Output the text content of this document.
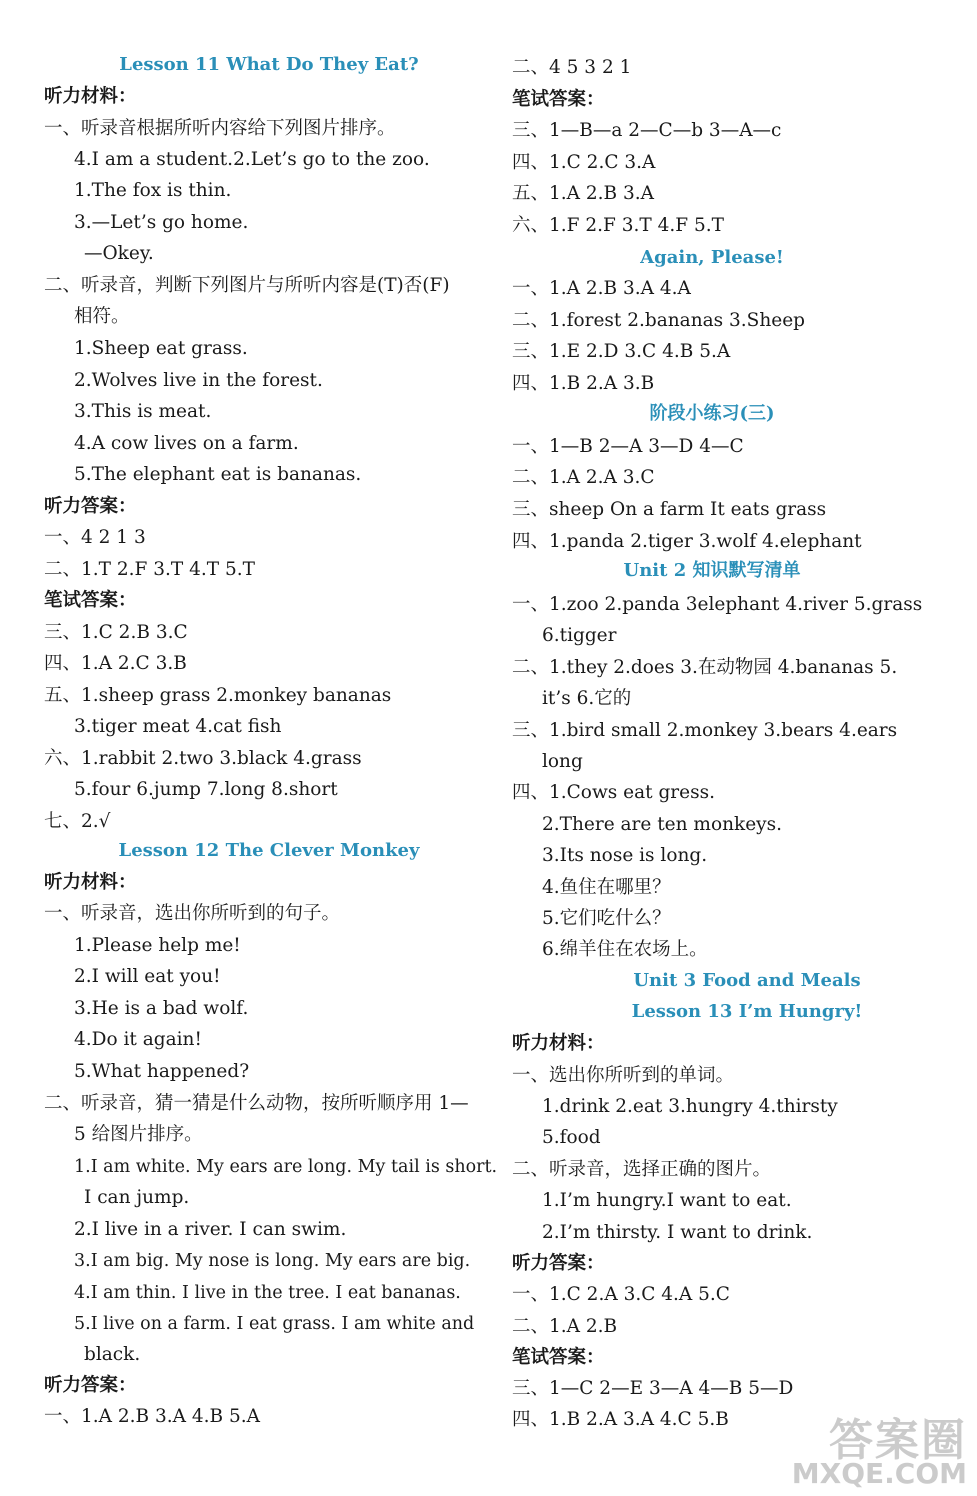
Lesson 11 What Do They Eat?
听力材料：
一、听录音根据所听内容给下列图片排序。
4.I am a student.2.Let’s go to the zoo.
1.The fox is thin.
3.—Let’s go home.
—Okey.
二、听录音，判断下列图片与所听内容是(T)否(F)
相符。
1.Sheep eat grass.
2.Wolves live in the forest.
3.This is meat.
4.A cow lives on a farm.
5.The elephant eat is bananas.
听力答案：
一、4 2 1 3
二、1.T 2.F 3.T 4.T 5.T
笔试答案：
三、1.C 2.B 3.C
四、1.A 2.C 3.B
五、1.sheep grass 2.monkey bananas
3.tiger meat 4.cat fish
六、1.rabbit 2.two 3.black 4.grass
5.four 6.jump 7.long 8.short
七、2.√
Lesson 12 The Clever Monkey
听力材料：
一、听录音，选出你所听到的句子。
1.Please help me!
2.I will eat you!
3.He is a bad wolf.
4.Do it again!
5.What happened?
二、听录音，猜一猜是什么动物，按所听顺序用 1—
5 给图片排序。
1.I am white. My ears are long. My tail is short.
I can jump.
2.I live in a river. I can swim.
3.I am big. My nose is long. My ears are big.
4.I am thin. I live in the tree. I eat bananas.
5.I live on a farm. I eat grass. I am white and
black.
听力答案：
一、1.A 2.B 3.A 4.B 5.A
二、4 5 3 2 1
笔试答案：
三、1—B—a 2—C—b 3—A—c
四、1.C 2.C 3.A
五、1.A 2.B 3.A
六、1.F 2.F 3.T 4.F 5.T
Again, Please!
一、1.A 2.B 3.A 4.A
二、1.forest 2.bananas 3.Sheep
三、1.E 2.D 3.C 4.B 5.A
四、1.B 2.A 3.B
阶段小练习(三)
一、1—B 2—A 3—D 4—C
二、1.A 2.A 3.C
三、sheep On a farm It eats grass
四、1.panda 2.tiger 3.wolf 4.elephant
Unit 2 知识默写清单
一、1.zoo 2.panda 3elephant 4.river 5.grass
6.tigger
二、1.they 2.does 3.在动物园 4.bananas 5.
it’s 6.它的
三、1.bird small 2.monkey 3.bears 4.ears
long
四、1.Cows eat gress.
2.There are ten monkeys.
3.Its nose is long.
4.鱼住在哪里？
5.它们吃什么？
6.绵羊住在农场上。
Unit 3 Food and Meals
Lesson 13 I’m Hungry!
听力材料：
一、选出你所听到的单词。
1.drink 2.eat 3.hungry 4.thirsty
5.food
二、听录音，选择正确的图片。
1.I’m hungry.I want to eat.
2.I’m thirsty. I want to drink.
听力答案：
一、1.C 2.A 3.C 4.A 5.C
二、1.A 2.B
笔试答案：
三、1—C 2—E 3—A 4—B 5—D
四、1.B 2.A 3.A 4.C 5.B 答案圈
MXQE.COM
